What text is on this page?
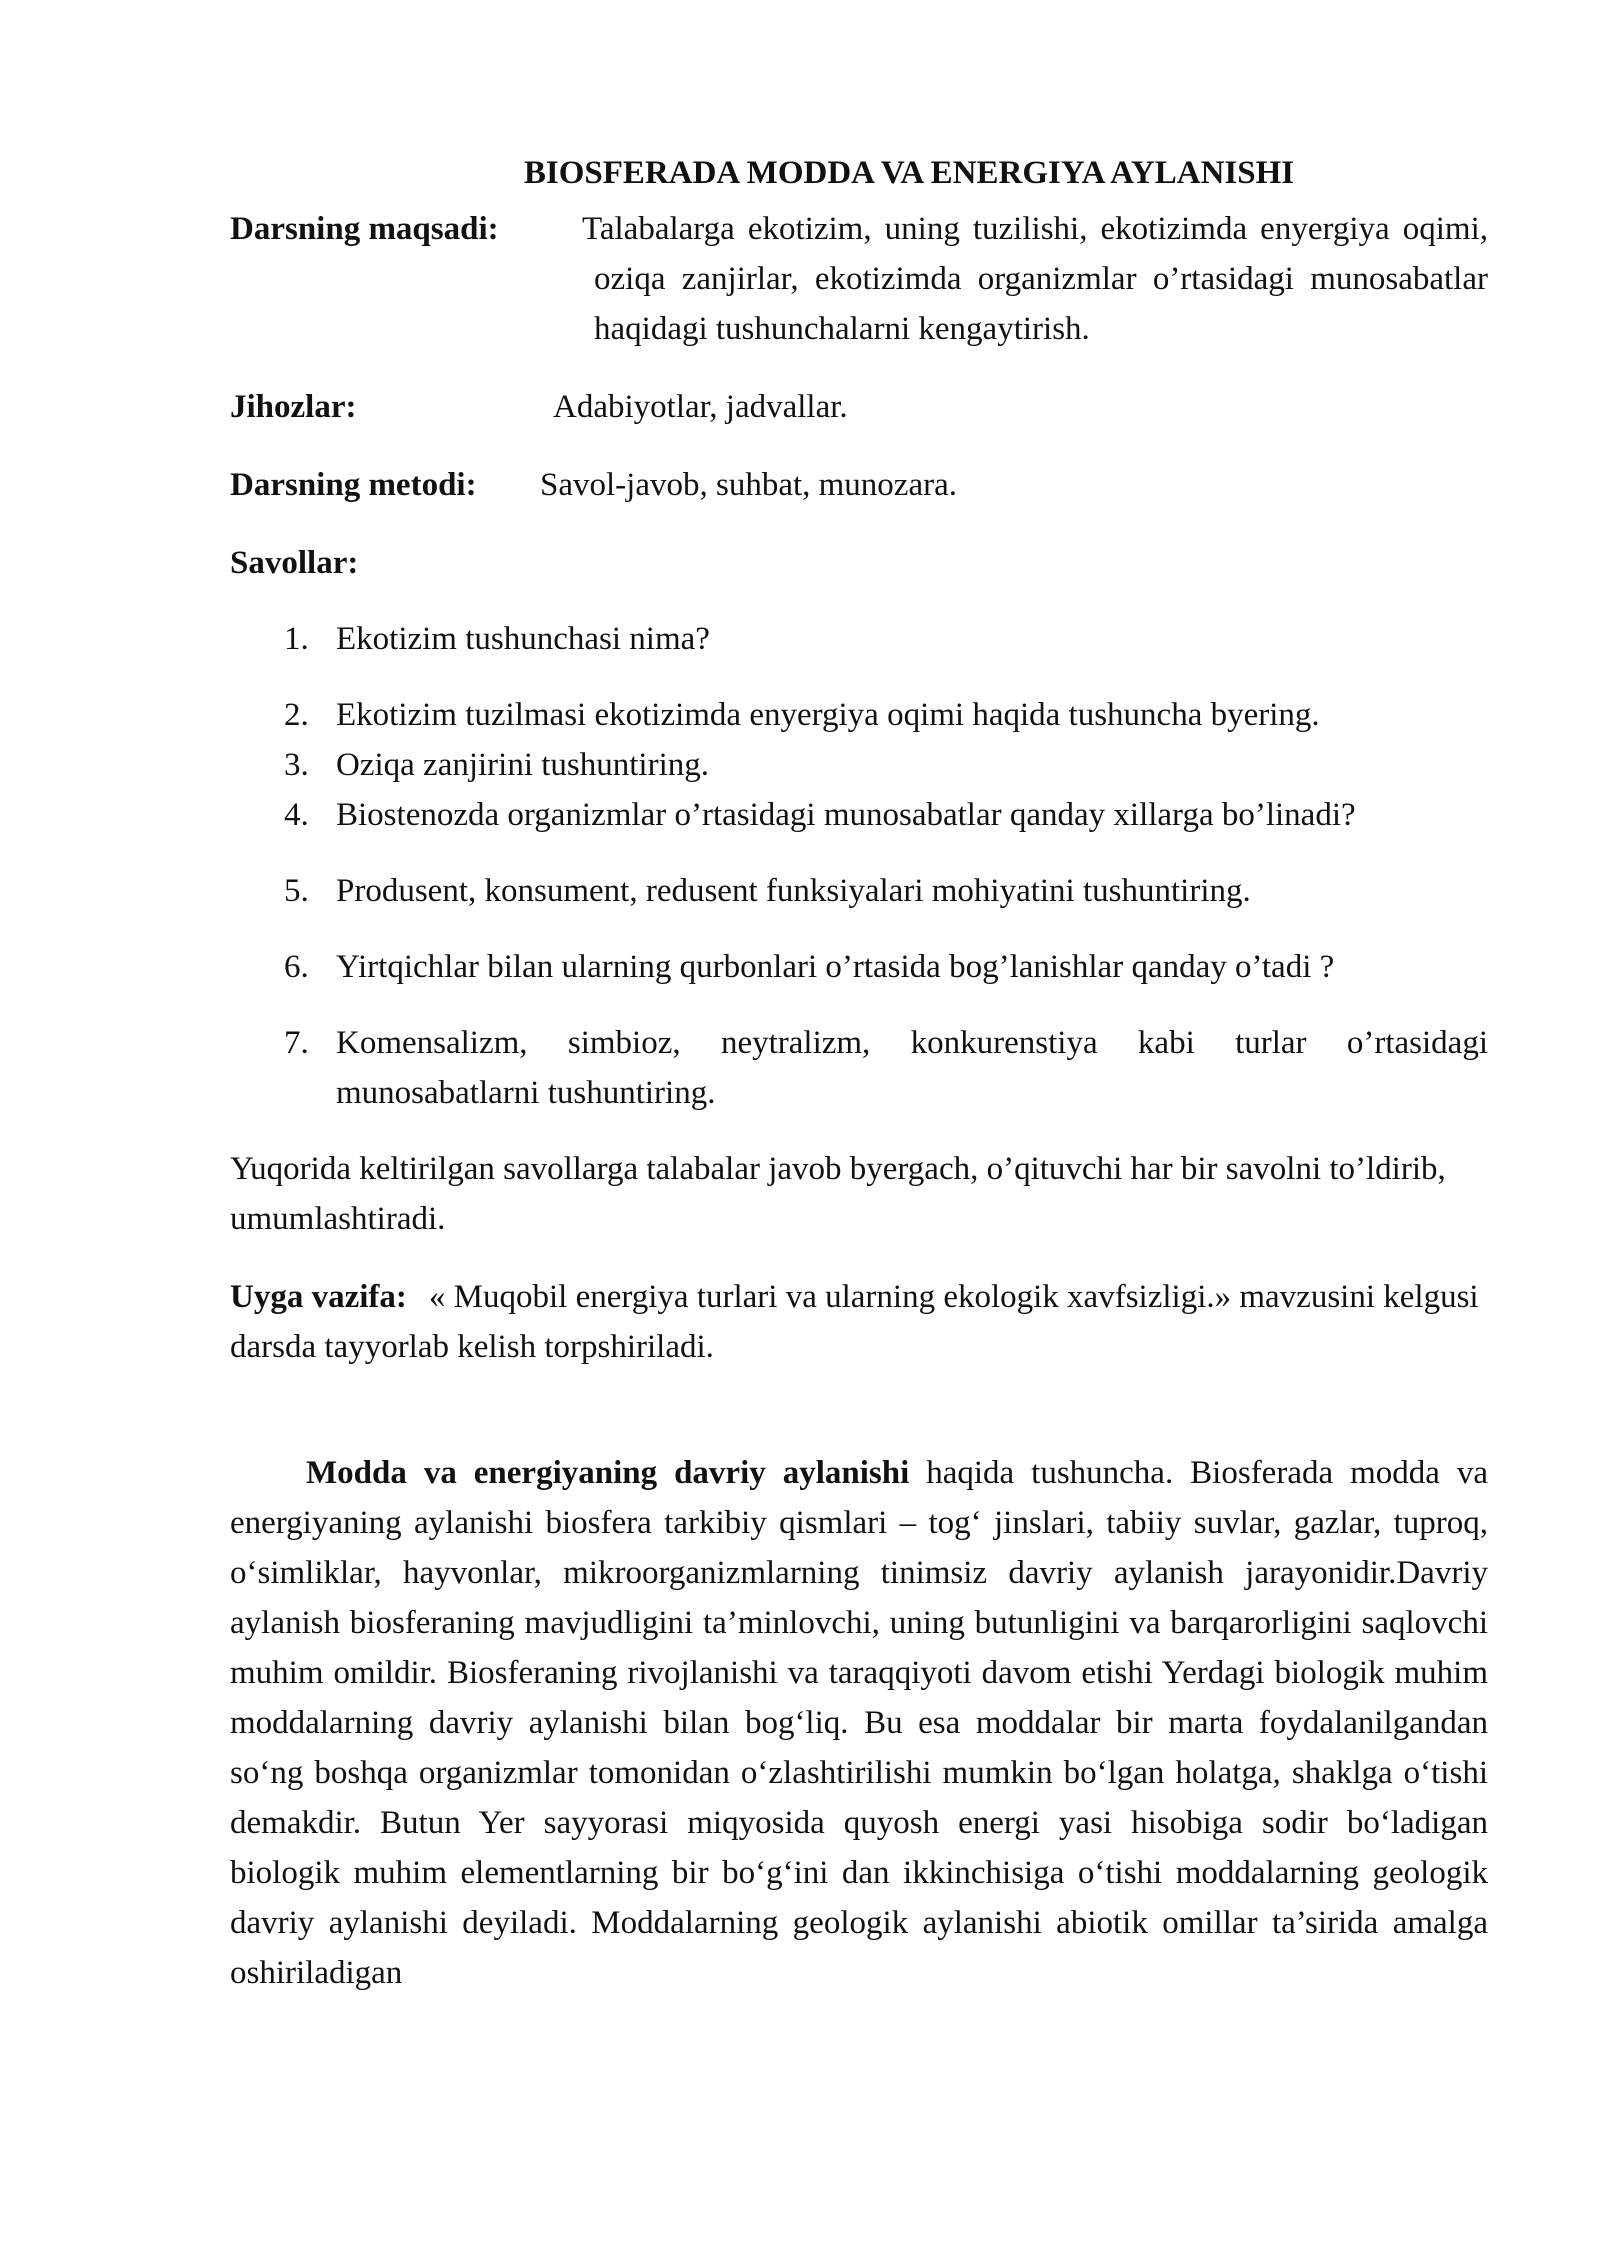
BIOSFERADA MODDA VA ENERGIYA AYLANISHI
Darsning maqsadi:	Talabalarga ekotizim, uning tuzilishi, ekotizimda enyergiya oqimi, oziqa zanjirlar, ekotizimda organizmlar o’rtasidagi munosabatlar haqidagi tushunchalarni kengaytirish.
Jihozlar:	Adabiyotlar, jadvallar.
Darsning metodi:	Savol-javob, suhbat, munozara.
Savollar:
1. Ekotizim tushunchasi nima?
2. Ekotizim tuzilmasi ekotizimda enyergiya oqimi haqida tushuncha byering.
3. Oziqa zanjirini tushuntiring.
4. Biostenozda organizmlar o’rtasidagi munosabatlar qanday xillarga bo’linadi?
5. Produsent, konsument, redusent funksiyalari mohiyatini tushuntiring.
6. Yirtqichlar bilan ularning qurbonlari o’rtasida bog’lanishlar qanday o’tadi ?
7. Komensalizm, simbioz, neytralizm, konkurenstiya kabi turlar o’rtasidagi munosabatlarni tushuntiring.

Yuqorida keltirilgan savollarga talabalar javob byergach, o’qituvchi har bir savolni to’ldirib, umumlashtiradi.

Uyga vazifa: « Muqobil energiya turlari va ularning ekologik xavfsizligi.» mavzusini kelgusi darsda tayyorlab kelish torpshiriladi.

Modda va energiyaning davriy aylanishi haqida tushuncha. Biosferada modda va energiyaning aylanishi biosfera tarkibiy qismlari – tog‘ jinslari, tabiiy suvlar, gazlar, tuproq, o‘simliklar, hayvonlar, mikroorganizmlarning tinimsiz davriy aylanish jarayonidir.Davriy aylanish biosferaning mavjudligini ta’minlovchi, uning butunligini va barqarorligini saqlovchi muhim omildir. Biosferaning rivojlanishi va taraqqiyoti davom etishi Yerdagi biologik muhim moddalarning davriy aylanishi bilan bog‘liq. Bu esa moddalar bir marta foydalanilgandan so‘ng boshqa organizmlar tomonidan o‘zlashtirilishi mumkin bo‘lgan holatga, shaklga o‘tishi demakdir. Butun Yer sayyorasi miqyosida quyosh energi yasi hisobiga sodir bo‘ladigan biologik muhim elementlarning bir bo‘g‘ini dan ikkinchisiga o‘tishi moddalarning geologik davriy aylanishi deyiladi. Moddalarning geologik aylanishi abiotik omillar ta’sirida amalga oshiriladigan
